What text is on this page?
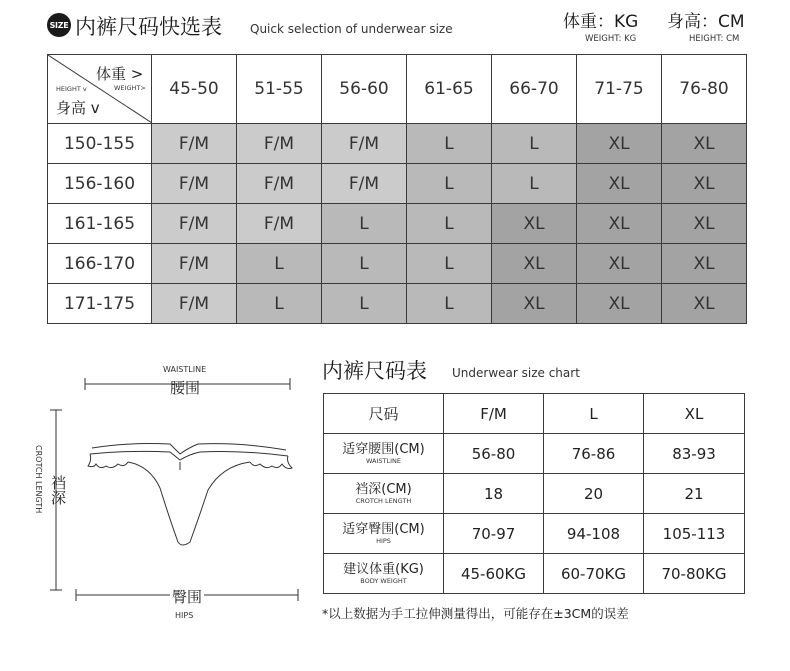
SIZE 内裤尺码快选表 Quick selection of underwear size	体重：KG
WEIGHT: KG
身高：CM
HEIGHT: CM
体重 >
WEIGHT>
HEIGHT v
身高 v	45-50	51-55	56-60	61-65	66-70	71-75	76-80
150-155	F/M	F/M	F/M	L	L	XL	XL
156-160	F/M	F/M	F/M	L	L	XL	XL
161-165	F/M	F/M	L	L	XL	XL	XL
166-170	F/M	L	L	L	XL	XL	XL
171-175	F/M	L	L	L	XL	XL	XL
WAISTLINE
腰围
裆深
CROTCH LENGTH
臀围
HIPS
内裤尺码表 Underwear size chart
尺码	F/M	L	XL

适穿腰围(CM)
WAISTLINE	56-80	76-86	83-93

裆深(CM)
CROTCH LENGTH	18	20	21

适穿臀围(CM)
HIPS	70-97	94-108	105-113

建议体重(KG)
BODY WEIGHT	45-60KG	60-70KG	70-80KG
*以上数据为手工拉伸测量得出，可能存在±3CM的误差
